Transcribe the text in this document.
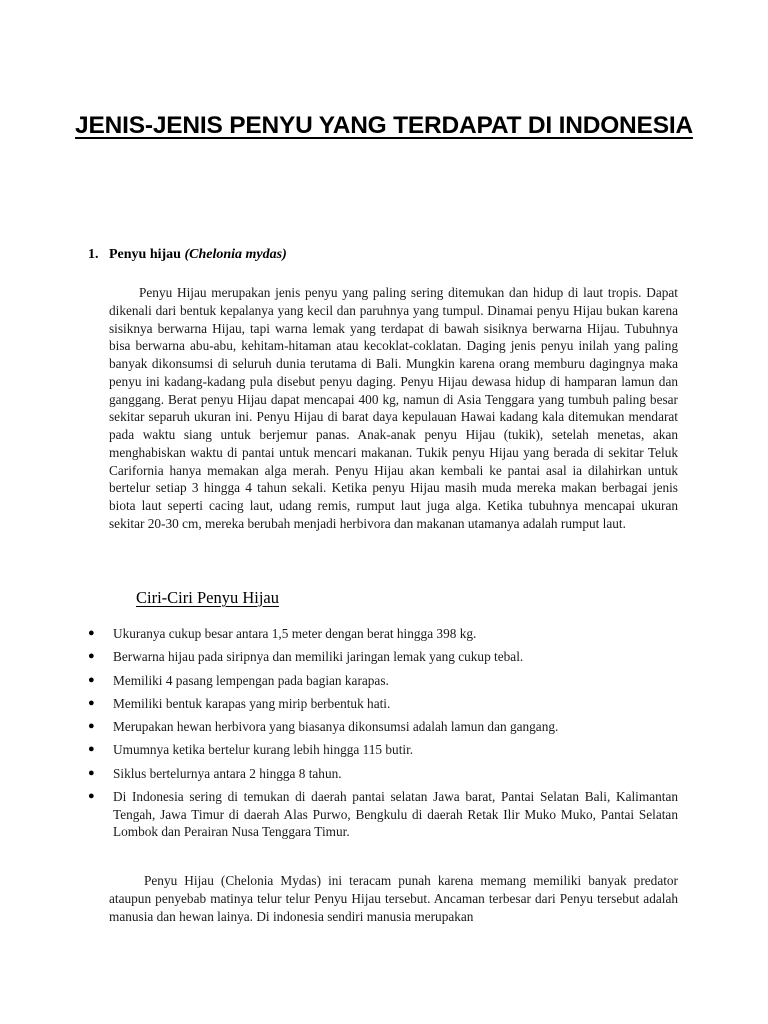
JENIS-JENIS PENYU YANG TERDAPAT DI INDONESIA

1. Penyu hijau (Chelonia mydas)

Penyu Hijau merupakan jenis penyu yang paling sering ditemukan dan hidup di laut tropis. Dapat dikenali dari bentuk kepalanya yang kecil dan paruhnya yang tumpul. Dinamai penyu Hijau bukan karena sisiknya berwarna Hijau, tapi warna lemak yang terdapat di bawah sisiknya berwarna Hijau. Tubuhnya bisa berwarna abu-abu, kehitam-hitaman atau kecoklat-coklatan. Daging jenis penyu inilah yang paling banyak dikonsumsi di seluruh dunia terutama di Bali. Mungkin karena orang memburu dagingnya maka penyu ini kadang-kadang pula disebut penyu daging. Penyu Hijau dewasa hidup di hamparan lamun dan ganggang. Berat penyu Hijau dapat mencapai 400 kg, namun di Asia Tenggara yang tumbuh paling besar sekitar separuh ukuran ini. Penyu Hijau di barat daya kepulauan Hawai kadang kala ditemukan mendarat pada waktu siang untuk berjemur panas. Anak-anak penyu Hijau (tukik), setelah menetas, akan menghabiskan waktu di pantai untuk mencari makanan. Tukik penyu Hijau yang berada di sekitar Teluk Carifornia hanya memakan alga merah. Penyu Hijau akan kembali ke pantai asal ia dilahirkan untuk bertelur setiap 3 hingga 4 tahun sekali. Ketika penyu Hijau masih muda mereka makan berbagai jenis biota laut seperti cacing laut, udang remis, rumput laut juga alga. Ketika tubuhnya mencapai ukuran sekitar 20-30 cm, mereka berubah menjadi herbivora dan makanan utamanya adalah rumput laut.

Ciri-Ciri Penyu Hijau

● Ukuranya cukup besar antara 1,5 meter dengan berat hingga 398 kg.
● Berwarna hijau pada siripnya dan memiliki jaringan lemak yang cukup tebal.
● Memiliki 4 pasang lempengan pada bagian karapas.
● Memiliki bentuk karapas yang mirip berbentuk hati.
● Merupakan hewan herbivora yang biasanya dikonsumsi adalah lamun dan gangang.
● Umumnya ketika bertelur kurang lebih hingga 115 butir.
● Siklus bertelurnya antara 2 hingga 8 tahun.
● Di Indonesia sering di temukan di daerah pantai selatan Jawa barat, Pantai Selatan Bali, Kalimantan Tengah, Jawa Timur di daerah Alas Purwo, Bengkulu di daerah Retak Ilir Muko Muko, Pantai Selatan Lombok dan Perairan Nusa Tenggara Timur.

Penyu Hijau (Chelonia Mydas) ini teracam punah karena memang memiliki banyak predator ataupun penyebab matinya telur telur Penyu Hijau tersebut. Ancaman terbesar dari Penyu tersebut adalah manusia dan hewan lainya. Di indonesia sendiri manusia merupakan
